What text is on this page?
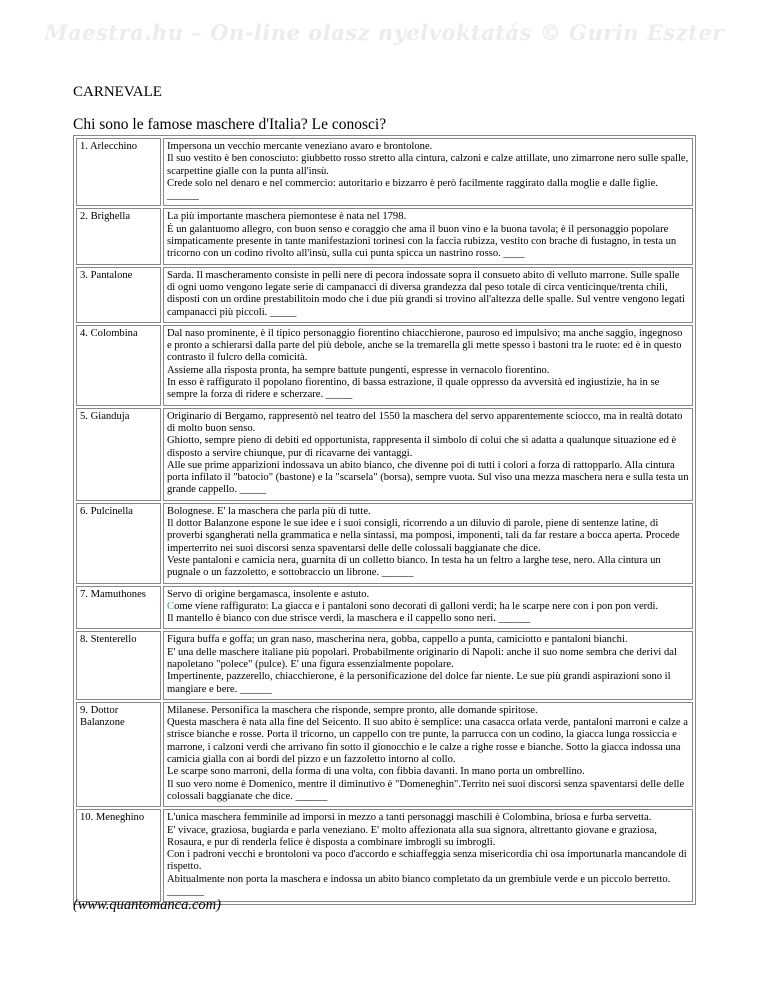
Maestra.hu – On-line olasz nyelvoktatás © Gurin Eszter
CARNEVALE
Chi sono le famose maschere d'Italia? Le conosci?
1. Arlecchino	Impersona un vecchio mercante veneziano avaro e brontolone.
Il suo vestito è ben conosciuto: giubbetto rosso stretto alla cintura, calzoni e calze attillate, uno zimarrone nero sulle spalle, scarpettine gialle con la punta all'insù.
Crede solo nel denaro e nel commercio: autoritario e bizzarro è però facilmente raggirato dalla moglie e dalle figlie. ______

2. Brighella	La più importante maschera piemontese è nata nel 1798.
É un galantuomo allegro, con buon senso e coraggio che ama il buon vino e la buona tavola; è il personaggio popolare simpaticamente presente in tante manifestazioni torinesi con la faccia rubizza, vestito con brache di fustagno, in testa un tricorno con un codino rivolto all'insù, sulla cui punta spicca un nastrino rosso. ____

3. Pantalone	Sarda. Il mascheramento consiste in pelli nere di pecora indossate sopra il consueto abito di velluto marrone. Sulle spalle di ogni uomo vengono legate serie di campanacci di diversa grandezza dal peso totale di circa venticinque/trenta chili, disposti con un ordine prestabilitoin modo che i due più grandi si trovino all'altezza delle spalle. Sul ventre vengono legati campanacci più piccoli. _____

4. Colombina	Dal naso prominente, è il tipico personaggio fiorentino chiacchierone, pauroso ed impulsivo; ma anche saggio, ingegnoso e pronto a schierarsi dalla parte del più debole, anche se la tremarella gli mette spesso i bastoni tra le ruote: ed è in questo contrasto il fulcro della comicità.
Assieme alla risposta pronta, ha sempre battute pungenti, espresse in vernacolo fiorentino.
In esso è raffigurato il popolano fiorentino, di bassa estrazione, il quale oppresso da avversità ed ingiustizie, ha in se sempre la forza di ridere e scherzare. _____

5. Gianduja	Originario di Bergamo, rappresentò nel teatro del 1550 la maschera del servo apparentemente sciocco, ma in realtà dotato di molto buon senso.
Ghiotto, sempre pieno di debiti ed opportunista, rappresenta il simbolo di colui che si adatta a qualunque situazione ed è disposto a servire chiunque, pur di ricavarne dei vantaggi.
Alle sue prime apparizioni indossava un abito bianco, che divenne poi di tutti i colori a forza di rattopparlo. Alla cintura porta infilato il "batocio" (bastone) e la "scarsela" (borsa), sempre vuota. Sul viso una mezza maschera nera e sulla testa un grande cappello. _____

6. Pulcinella	Bolognese. E' la maschera che parla più di tutte.
Il dottor Balanzone espone le sue idee e i suoi consigli, ricorrendo a un diluvio di parole, piene di sentenze latine, di proverbi sgangherati nella grammatica e nella sintassi, ma pomposi, imponenti, tali da far restare a bocca aperta. Procede imperterrito nei suoi discorsi senza spaventarsi delle delle colossali baggianate che dice.
Veste pantaloni e camicia nera, guarnita di un colletto bianco. In testa ha un feltro a larghe tese, nero. Alla cintura un pugnale o un fazzoletto, e sottobraccio un librone. ______

7. Mamuthones	Servo di origine bergamasca, insolente e astuto.
Come viene raffigurato: La giacca e i pantaloni sono decorati di galloni verdi; ha le scarpe nere con i pon pon verdi.
Il mantello è bianco con due strisce verdi, la maschera e il cappello sono neri. ______

8. Stenterello	Figura buffa e goffa; un gran naso, mascherina nera, gobba, cappello a punta, camiciotto e pantaloni bianchi.
E' una delle maschere italiane più popolari. Probabilmente originario di Napoli: anche il suo nome sembra che derivi dal napoletano "polece" (pulce). E' una figura essenzialmente popolare.
Impertinente, pazzerello, chiacchierone, è la personificazione del dolce far niente. Le sue più grandi aspirazioni sono il mangiare e bere. ______

9. Dottor Balanzone	Milanese. Personifica la maschera che risponde, sempre pronto, alle domande spiritose.
Questa maschera è nata alla fine del Seicento. Il suo abito è semplice: una casacca orlata verde, pantaloni marroni e calze a strisce bianche e rosse. Porta il tricorno, un cappello con tre punte, la parrucca con un codino, la giacca lunga rossiccia e marrone, i calzoni verdi che arrivano fin sotto il gionocchio e le calze a righe rosse e bianche. Sotto la giacca indossa una camicia gialla con ai bordi del pizzo e un fazzoletto intorno al collo.
Le scarpe sono marroni, della forma di una volta, con fibbia davanti. In mano porta un ombrellino.
Il suo vero nome è Domenico, mentre il diminutivo è "Domeneghin".Territo nei suoi discorsi senza spaventarsi delle delle colossali baggianate che dice. ______

10. Meneghino	L'unica maschera femminile ad imporsi in mezzo a tanti personaggi maschili è Colombina, briosa e furba servetta.
E' vivace, graziosa, bugiarda e parla veneziano. E' molto affezionata alla sua signora, altrettanto giovane e graziosa, Rosaura, e pur di renderla felice è disposta a combinare imbrogli su imbrogli.
Con i padroni vecchi e brontoloni va poco d'accordo e schiaffeggia senza misericordia chi osa importunarla mancandole di rispetto.
Abitualmente non porta la maschera e indossa un abito bianco completato da un grembiule verde e un piccolo berretto. _______
(www.quantomanca.com)
